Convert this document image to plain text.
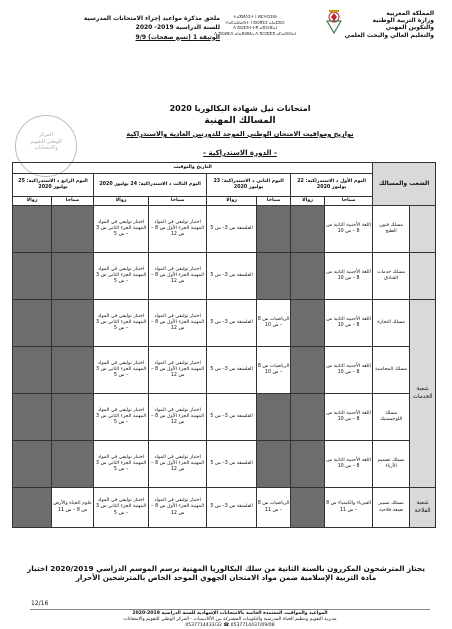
المملكة المغربية
وزارة التربية الوطنية
والتكوين المهني
والتعليم العالي والبحث العلمي
ⵜⴰⴳⵍⴷⵉⵜ ⵏ ⵍⵎⵖⵔⵉⴱ
ⵜⴰⵎⴰⵡⴰⵙⵜ ⵏ ⵓⵙⴳⵎⵉ ⴰⵏⴰⵎⵓⵔ
ⴷ ⵓⵙⵎⵓⵜⵜⴳ ⴰⵣⵔⴼⴰⵏ
ⴷ ⵓⵙⵍⵎⴷ ⴰⵏⴰⴼⵍⵍⴰ ⴷ ⵓⵔⵣⵣⵓ ⴰⵎⴰⵙⵙⴰⵏ
ملحق مذكرة مواعيد إجراء الامتحانات المدرسية
للسنة الدراسية 2019- 2020
الوثيقة 1 (تسع صفحات) 9/9
المركز
الوطني للتقويم
والامتحانات
امتحانات نيل شهادة البكالوريا 2020
المسالك المهنية
تواريخ ومواقيت الامتحان الوطني الموحد للدورتين العادية والاستدراكية
- الدورة الاستدراكية -
الشعب والمسالك		التاريخ والتوقيت							
		اليوم الأول د الاستدراكية: 22 يوليوز 2020		اليوم الثاني د الاستدراكية: 23 يوليوز 2020		اليوم الثالث د الاستدراكية: 24 يوليوز 2020		اليوم الرابع د الاستدراكية: 25 يوليوز 2020	
		صباحا	زوالا	صباحا	زوالا	صباحا	زوالا	صباحا	زوالا
	مسلك فنون الطبخ	اللغة الأجنبية الثانية س 8 – س 10			الفلسفة س 3– س 5	اختبار توليفي في المواد المهنية الجزء الأول س 8 – س 12	اختبار توليفي في المواد المهنية الجزء الثاني س 3 – س 5		
	مسلك خدمات الفنادق	اللغة الأجنبية الثانية س 8 – س 10			الفلسفة س 3– س 5	اختبار توليفي في المواد المهنية الجزء الأول س 8 – س 12	اختبار توليفي في المواد المهنية الجزء الثاني س 3 – س 5		
شعبة الخدمات	مسلك التجارة	اللغة الأجنبية الثانية س 8 – س 10		الرياضيات س 8 – س 10	الفلسفة س 3– س 5	اختبار توليفي في المواد المهنية الجزء الأول س 8 – س 12	اختبار توليفي في المواد المهنية الجزء الثاني س 3 – س 5		
	مسلك المحاسبة	اللغة الأجنبية الثانية س 8 – س 10		الرياضيات س 8 – س 10	الفلسفة س 3– س 5	اختبار توليفي في المواد المهنية الجزء الأول س 8 – س 12	اختبار توليفي في المواد المهنية الجزء الثاني س 3 – س 5		
	مسلك اللوجيستيك	اللغة الأجنبية الثانية س 8 – س 10			الفلسفة س 3– س 5	اختبار توليفي في المواد المهنية الجزء الأول س 8 – س 12	اختبار توليفي في المواد المهنية الجزء الثاني س 3 – س 5		
	مسلك تصميم الأزياء	اللغة الأجنبية الثانية س 8 – س 10			الفلسفة س 3– س 5	اختبار توليفي في المواد المهنية الجزء الأول س 8 – س 12	اختبار توليفي في المواد المهنية الجزء الثاني س 3 – س 5		
شعبة الفلاحة	مسلك تسيير ضيعة فلاحية	الفيزياء والكيمياء س 8 – س 11		الرياضيات س 8 – س 11	الفلسفة س 3– س 5	اختبار توليفي في المواد المهنية الجزء الأول س 8 – س 12	اختبار توليفي في المواد المهنية الجزء الثاني س 3 – س 5	علوم الحياة والأرض س 8 – س 11	
يجتاز المترشحون المكررون بالسنة الثانية من سلك البكالوريا المهنية برسم الموسم الدراسي 2020/2019 اختبار مادة التربية الإسلامية ضمن مواد الامتحان الجهوي الموحد الخاص بالمترشحين الأحرار
12/16
المواعيد والمواقيت المعتمدة الخاصة بالامتحانات الإشهادية للسنة الدراسية 2019-2020
مديرية التقويم وتنظيم الحياة المدرسية والتكوينات المشتركة بين الأكاديميات - المركز الوطني للتقويم والامتحانات
0537714437/09/08 ☎ 0537714433/32
